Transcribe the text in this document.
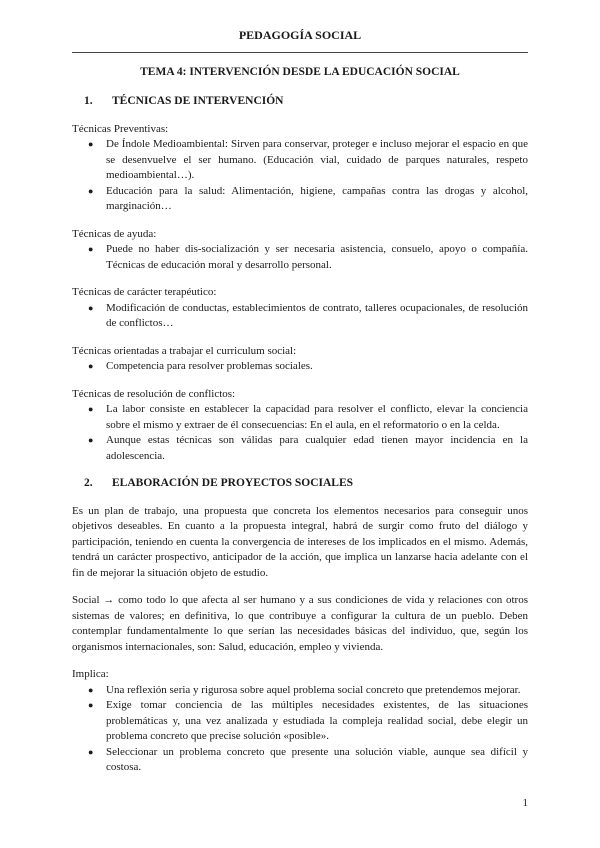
PEDAGOGÍA SOCIAL
TEMA 4: INTERVENCIÓN DESDE LA EDUCACIÓN SOCIAL
1.	TÉCNICAS DE INTERVENCIÓN

Técnicas Preventivas:

● De Índole Medioambiental: Sirven para conservar, proteger e incluso mejorar el espacio en que se desenvuelve el ser humano. (Educación vial, cuidado de parques naturales, respeto medioambiental…).
● Educación para la salud: Alimentación, higiene, campañas contra las drogas y alcohol, marginación…

Técnicas de ayuda:

● Puede no haber dis-socialización y ser necesaria asistencia, consuelo, apoyo o compañía. Técnicas de educación moral y desarrollo personal.

Técnicas de carácter terapéutico:

● Modificación de conductas, establecimientos de contrato, talleres ocupacionales, de resolución de conflictos…

Técnicas orientadas a trabajar el curriculum social:

● Competencia para resolver problemas sociales.

Técnicas de resolución de conflictos:

● La labor consiste en establecer la capacidad para resolver el conflicto, elevar la conciencia sobre el mismo y extraer de él consecuencias: En el aula, en el reformatorio o en la celda.
● Aunque estas técnicas son válidas para cualquier edad tienen mayor incidencia en la adolescencia.
2.	ELABORACIÓN DE PROYECTOS SOCIALES

Es un plan de trabajo, una propuesta que concreta los elementos necesarios para conseguir unos objetivos deseables. En cuanto a la propuesta integral, habrá de surgir como fruto del diálogo y participación, teniendo en cuenta la convergencia de intereses de los implicados en el mismo. Además, tendrá un carácter prospectivo, anticipador de la acción, que implica un lanzarse hacia adelante con el fin de mejorar la situación objeto de estudio.

Social → como todo lo que afecta al ser humano y a sus condiciones de vida y relaciones con otros sistemas de valores; en definitiva, lo que contribuye a configurar la cultura de un pueblo. Deben contemplar fundamentalmente lo que serían las necesidades básicas del individuo, que, según los organismos internacionales, son: Salud, educación, empleo y vivienda.

Implica:

● Una reflexión seria y rigurosa sobre aquel problema social concreto que pretendemos mejorar.
● Exige tomar conciencia de las múltiples necesidades existentes, de las situaciones problemáticas y, una vez analizada y estudiada la compleja realidad social, debe elegir un problema concreto que precise solución «posible».
● Seleccionar un problema concreto que presente una solución viable, aunque sea difícil y costosa.
1
